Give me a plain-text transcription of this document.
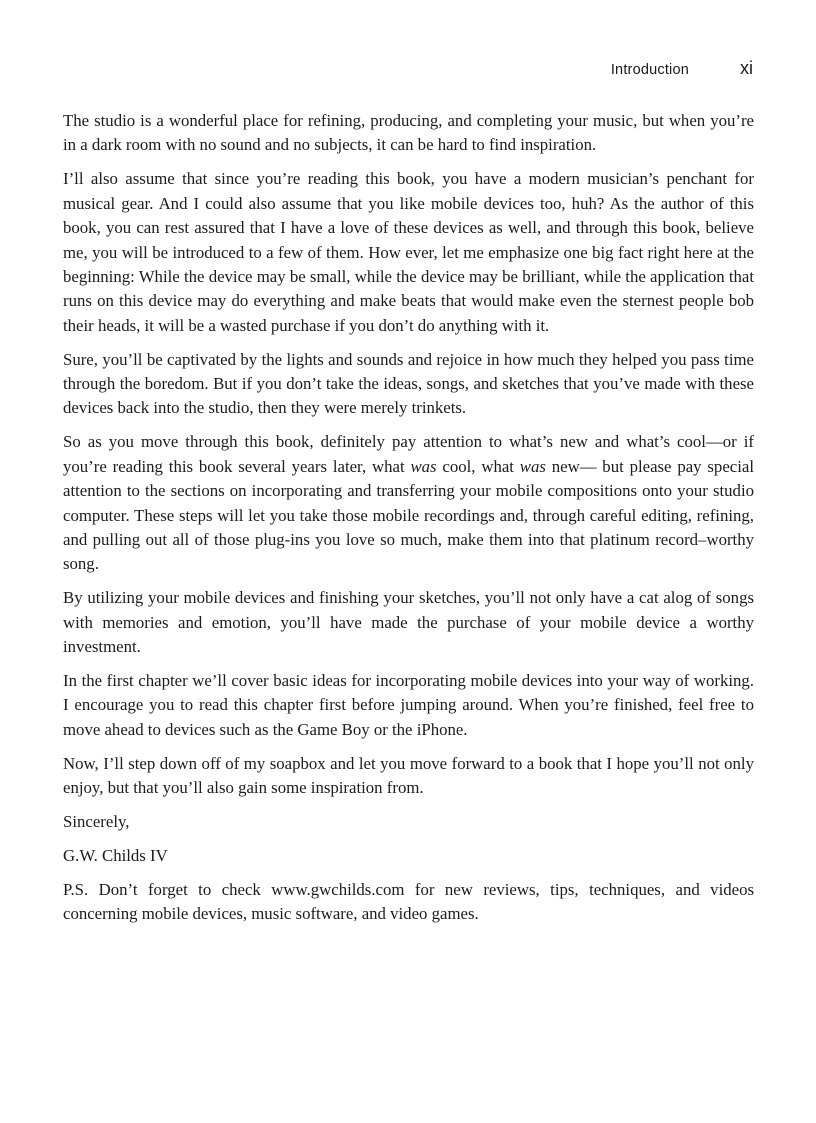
Introduction	xi

The studio is a wonderful place for refining, producing, and completing your music, but when you’re in a dark room with no sound and no subjects, it can be hard to find inspiration.

I’ll also assume that since you’re reading this book, you have a modern musician’s penchant for musical gear. And I could also assume that you like mobile devices too, huh? As the author of this book, you can rest assured that I have a love of these devices as well, and through this book, believe me, you will be introduced to a few of them. How ever, let me emphasize one big fact right here at the beginning: While the device may be small, while the device may be brilliant, while the application that runs on this device may do everything and make beats that would make even the sternest people bob their heads, it will be a wasted purchase if you don’t do anything with it.

Sure, you’ll be captivated by the lights and sounds and rejoice in how much they helped you pass time through the boredom. But if you don’t take the ideas, songs, and sketches that you’ve made with these devices back into the studio, then they were merely trinkets.

So as you move through this book, definitely pay attention to what’s new and what’s cool—or if you’re reading this book several years later, what was cool, what was new— but please pay special attention to the sections on incorporating and transferring your mobile compositions onto your studio computer. These steps will let you take those mobile recordings and, through careful editing, refining, and pulling out all of those plug-ins you love so much, make them into that platinum record–worthy song.

By utilizing your mobile devices and finishing your sketches, you’ll not only have a cat alog of songs with memories and emotion, you’ll have made the purchase of your mobile device a worthy investment.

In the first chapter we’ll cover basic ideas for incorporating mobile devices into your way of working. I encourage you to read this chapter first before jumping around. When you’re finished, feel free to move ahead to devices such as the Game Boy or the iPhone.

Now, I’ll step down off of my soapbox and let you move forward to a book that I hope you’ll not only enjoy, but that you’ll also gain some inspiration from.

Sincerely,

G.W. Childs IV

P.S. Don’t forget to check www.gwchilds.com for new reviews, tips, techniques, and videos concerning mobile devices, music software, and video games.
